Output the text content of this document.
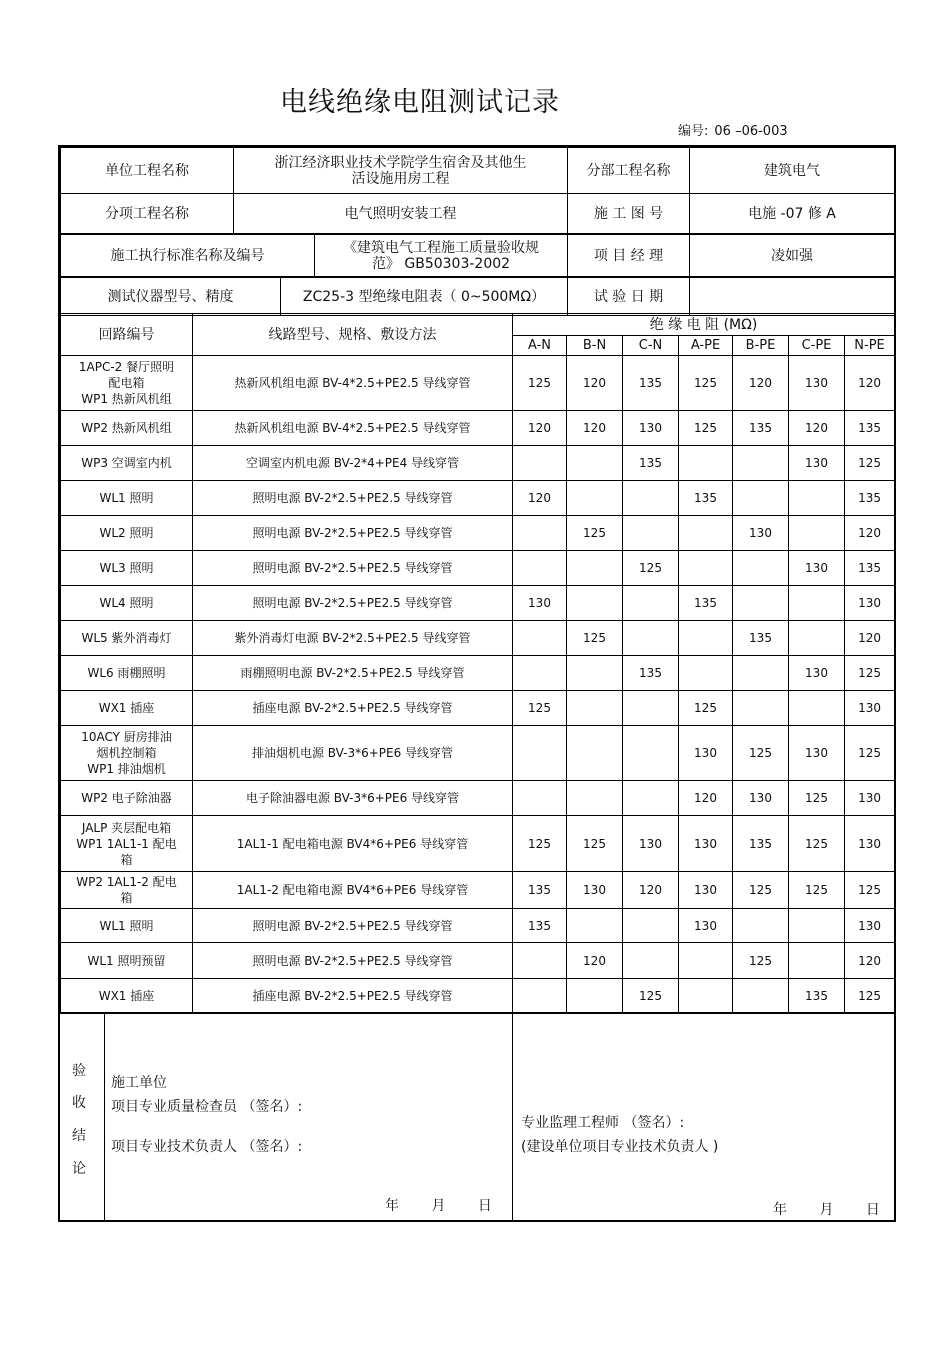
电线绝缘电阻测试记录
编号: 06 –06-003
单位工程名称	浙江经济职业技术学院学生宿舍及其他生
活设施用房工程	分部工程名称	建筑电气
分项工程名称	电气照明安装工程	施 工 图 号	电施 -07 修 A
施工执行标准名称及编号	《建筑电气工程施工质量验收规
范》 GB50303-2002	项 目 经 理	凌如强
测试仪器型号、精度	ZC25-3 型绝缘电阻表（ 0~500MΩ）	试 验 日 期	
回路编号	线路型号、规格、敷设方法	绝 缘 电 阻 (MΩ)						
		A-N	B-N	C-N	A-PE	B-PE	C-PE	N-PE

1APC-2 餐厅照明
配电箱
WP1 热新风机组	热新风机组电源 BV-4*2.5+PE2.5 导线穿管	125	120	135	125	120	130	120

WP2 热新风机组	热新风机组电源 BV-4*2.5+PE2.5 导线穿管	120	120	130	125	135	120	135

WP3 空调室内机	空调室内机电源 BV-2*4+PE4 导线穿管			135			130	125

WL1 照明	照明电源 BV-2*2.5+PE2.5 导线穿管	120			135			135

WL2 照明	照明电源 BV-2*2.5+PE2.5 导线穿管		125			130		120

WL3 照明	照明电源 BV-2*2.5+PE2.5 导线穿管			125			130	135

WL4 照明	照明电源 BV-2*2.5+PE2.5 导线穿管	130			135			130

WL5 紫外消毒灯	紫外消毒灯电源 BV-2*2.5+PE2.5 导线穿管		125			135		120

WL6 雨棚照明	雨棚照明电源 BV-2*2.5+PE2.5 导线穿管			135			130	125

WX1 插座	插座电源 BV-2*2.5+PE2.5 导线穿管	125			125			130

10ACY 厨房排油
烟机控制箱
WP1 排油烟机	排油烟机电源 BV-3*6+PE6 导线穿管				130	125	130	125

WP2 电子除油器	电子除油器电源 BV-3*6+PE6 导线穿管				120	130	125	130

JALP 夹层配电箱
WP1 1AL1-1 配电
箱	1AL1-1 配电箱电源 BV4*6+PE6 导线穿管	125	125	130	130	135	125	130

WP2 1AL1-2 配电
箱	1AL1-2 配电箱电源 BV4*6+PE6 导线穿管	135	130	120	130	125	125	125

WL1 照明	照明电源 BV-2*2.5+PE2.5 导线穿管	135			130			130

WL1 照明预留	照明电源 BV-2*2.5+PE2.5 导线穿管		120			125		120

WX1 插座	插座电源 BV-2*2.5+PE2.5 导线穿管			125			135	125
验
收
结
论
施工单位
项目专业质量检查员 （签名）:
项目专业技术负责人 （签名）:
年 月 日
专业监理工程师 （签名）:
(建设单位项目专业技术负责人 )
年 月 日
